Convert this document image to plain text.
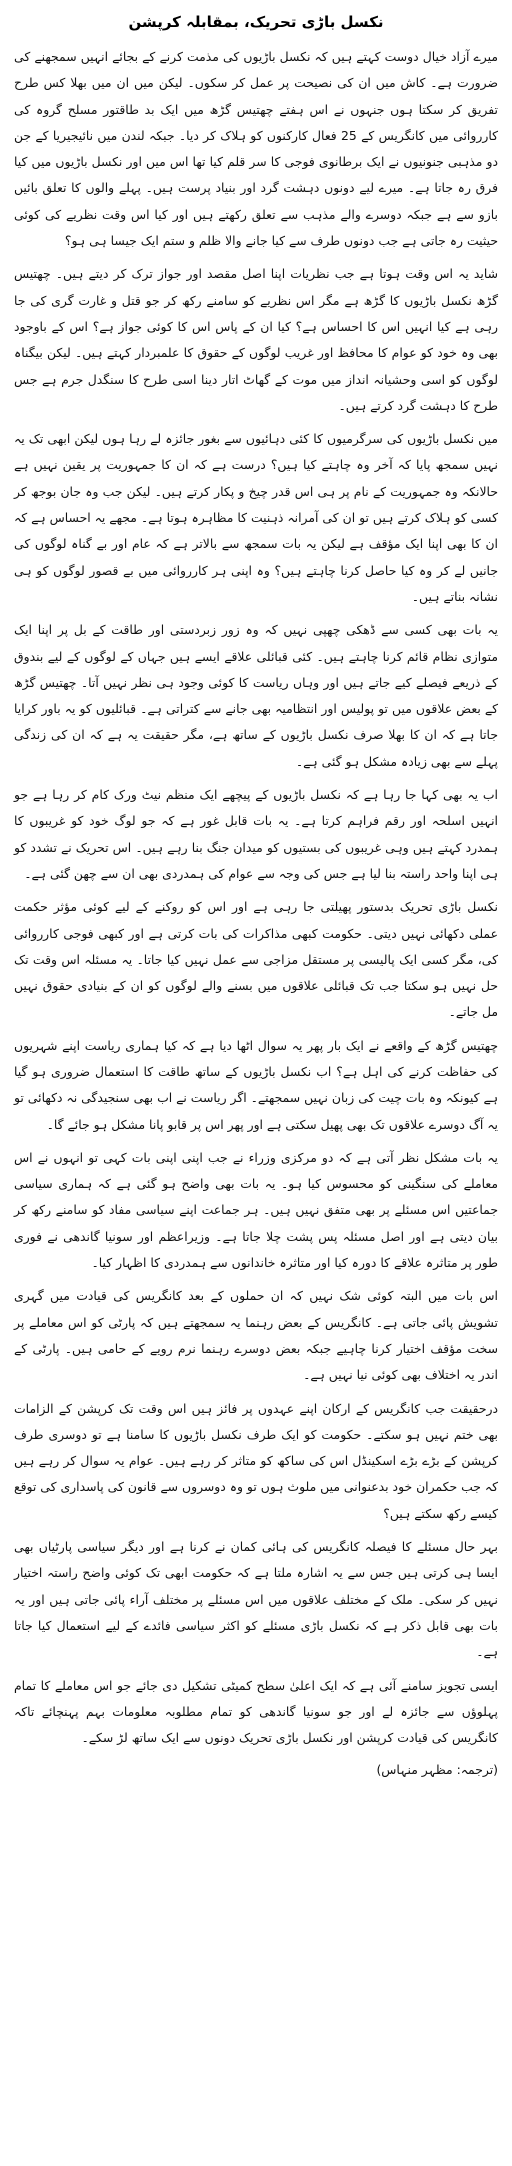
نکسل باڑی تحریک، بمقابلہ کرپشن

میرے آزاد خیال دوست کہتے ہیں کہ نکسل باڑیوں کی مذمت کرنے کے بجائے انہیں سمجھنے کی ضرورت ہے۔ کاش میں ان کی نصیحت پر عمل کر سکوں۔ لیکن میں ان میں بھلا کس طرح تفریق کر سکتا ہوں جنہوں نے اس ہفتے چھتیس گڑھ میں ایک بد طاقتور مسلح گروہ کی کارروائی میں کانگریس کے 25 فعال کارکنوں کو ہلاک کر دیا۔ جبکہ لندن میں نائیجیریا کے جن دو مذہبی جنونیوں نے ایک برطانوی فوجی کا سر قلم کیا تھا اس میں اور نکسل باڑیوں میں کیا فرق رہ جاتا ہے۔ میرے لیے دونوں دہشت گرد اور بنیاد پرست ہیں۔ پہلے والوں کا تعلق بائیں بازو سے ہے جبکہ دوسرے والے مذہب سے تعلق رکھتے ہیں اور کیا اس وقت نظریے کی کوئی حیثیت رہ جاتی ہے جب دونوں طرف سے کیا جانے والا ظلم و ستم ایک جیسا ہی ہو؟

شاید یہ اس وقت ہوتا ہے جب نظریات اپنا اصل مقصد اور جواز ترک کر دیتے ہیں۔ چھتیس گڑھ نکسل باڑیوں کا گڑھ ہے مگر اس نظریے کو سامنے رکھ کر جو قتل و غارت گری کی جا رہی ہے کیا انہیں اس کا احساس ہے؟ کیا ان کے پاس اس کا کوئی جواز ہے؟ اس کے باوجود بھی وہ خود کو عوام کا محافظ اور غریب لوگوں کے حقوق کا علمبردار کہتے ہیں۔ لیکن بیگناہ لوگوں کو اسی وحشیانہ انداز میں موت کے گھاٹ اتار دینا اسی طرح کا سنگدل جرم ہے جس طرح کا دہشت گرد کرتے ہیں۔

میں نکسل باڑیوں کی سرگرمیوں کا کئی دہائیوں سے بغور جائزہ لے رہا ہوں لیکن ابھی تک یہ نہیں سمجھ پایا کہ آخر وہ چاہتے کیا ہیں؟ درست ہے کہ ان کا جمہوریت پر یقین نہیں ہے حالانکہ وہ جمہوریت کے نام پر ہی اس قدر چیخ و پکار کرتے ہیں۔ لیکن جب وہ جان بوجھ کر کسی کو ہلاک کرتے ہیں تو ان کی آمرانہ ذہنیت کا مظاہرہ ہوتا ہے۔ مجھے یہ احساس ہے کہ ان کا بھی اپنا ایک مؤقف ہے لیکن یہ بات سمجھ سے بالاتر ہے کہ عام اور بے گناہ لوگوں کی جانیں لے کر وہ کیا حاصل کرنا چاہتے ہیں؟ وہ اپنی ہر کارروائی میں بے قصور لوگوں کو ہی نشانہ بناتے ہیں۔

یہ بات بھی کسی سے ڈھکی چھپی نہیں کہ وہ زور زبردستی اور طاقت کے بل پر اپنا ایک متوازی نظام قائم کرنا چاہتے ہیں۔ کئی قبائلی علاقے ایسے ہیں جہاں کے لوگوں کے لیے بندوق کے ذریعے فیصلے کیے جاتے ہیں اور وہاں ریاست کا کوئی وجود ہی نظر نہیں آتا۔ چھتیس گڑھ کے بعض علاقوں میں تو پولیس اور انتظامیہ بھی جانے سے کتراتی ہے۔ قبائلیوں کو یہ باور کرایا جاتا ہے کہ ان کا بھلا صرف نکسل باڑیوں کے ساتھ ہے، مگر حقیقت یہ ہے کہ ان کی زندگی پہلے سے بھی زیادہ مشکل ہو گئی ہے۔

اب یہ بھی کہا جا رہا ہے کہ نکسل باڑیوں کے پیچھے ایک منظم نیٹ ورک کام کر رہا ہے جو انہیں اسلحہ اور رقم فراہم کرتا ہے۔ یہ بات قابل غور ہے کہ جو لوگ خود کو غریبوں کا ہمدرد کہتے ہیں وہی غریبوں کی بستیوں کو میدان جنگ بنا رہے ہیں۔ اس تحریک نے تشدد کو ہی اپنا واحد راستہ بنا لیا ہے جس کی وجہ سے عوام کی ہمدردی بھی ان سے چھن گئی ہے۔

نکسل باڑی تحریک بدستور پھیلتی جا رہی ہے اور اس کو روکنے کے لیے کوئی مؤثر حکمت عملی دکھائی نہیں دیتی۔ حکومت کبھی مذاکرات کی بات کرتی ہے اور کبھی فوجی کارروائی کی، مگر کسی ایک پالیسی پر مستقل مزاجی سے عمل نہیں کیا جاتا۔ یہ مسئلہ اس وقت تک حل نہیں ہو سکتا جب تک قبائلی علاقوں میں بسنے والے لوگوں کو ان کے بنیادی حقوق نہیں مل جاتے۔

چھتیس گڑھ کے واقعے نے ایک بار پھر یہ سوال اٹھا دیا ہے کہ کیا ہماری ریاست اپنے شہریوں کی حفاظت کرنے کی اہل ہے؟ اب نکسل باڑیوں کے ساتھ طاقت کا استعمال ضروری ہو گیا ہے کیونکہ وہ بات چیت کی زبان نہیں سمجھتے۔ اگر ریاست نے اب بھی سنجیدگی نہ دکھائی تو یہ آگ دوسرے علاقوں تک بھی پھیل سکتی ہے اور پھر اس پر قابو پانا مشکل ہو جائے گا۔

یہ بات مشکل نظر آتی ہے کہ دو مرکزی وزراء نے جب اپنی اپنی بات کہی تو انہوں نے اس معاملے کی سنگینی کو محسوس کیا ہو۔ یہ بات بھی واضح ہو گئی ہے کہ ہماری سیاسی جماعتیں اس مسئلے پر بھی متفق نہیں ہیں۔ ہر جماعت اپنے سیاسی مفاد کو سامنے رکھ کر بیان دیتی ہے اور اصل مسئلہ پس پشت چلا جاتا ہے۔ وزیراعظم اور سونیا گاندھی نے فوری طور پر متاثرہ علاقے کا دورہ کیا اور متاثرہ خاندانوں سے ہمدردی کا اظہار کیا۔

اس بات میں البتہ کوئی شک نہیں کہ ان حملوں کے بعد کانگریس کی قیادت میں گہری تشویش پائی جاتی ہے۔ کانگریس کے بعض رہنما یہ سمجھتے ہیں کہ پارٹی کو اس معاملے پر سخت مؤقف اختیار کرنا چاہیے جبکہ بعض دوسرے رہنما نرم رویے کے حامی ہیں۔ پارٹی کے اندر یہ اختلاف بھی کوئی نیا نہیں ہے۔

درحقیقت جب کانگریس کے ارکان اپنے عہدوں پر فائز ہیں اس وقت تک کرپشن کے الزامات بھی ختم نہیں ہو سکتے۔ حکومت کو ایک طرف نکسل باڑیوں کا سامنا ہے تو دوسری طرف کرپشن کے بڑے بڑے اسکینڈل اس کی ساکھ کو متاثر کر رہے ہیں۔ عوام یہ سوال کر رہے ہیں کہ جب حکمران خود بدعنوانی میں ملوث ہوں تو وہ دوسروں سے قانون کی پاسداری کی توقع کیسے رکھ سکتے ہیں؟

بہر حال مسئلے کا فیصلہ کانگریس کی ہائی کمان نے کرنا ہے اور دیگر سیاسی پارٹیاں بھی ایسا ہی کرتی ہیں جس سے یہ اشارہ ملتا ہے کہ حکومت ابھی تک کوئی واضح راستہ اختیار نہیں کر سکی۔ ملک کے مختلف علاقوں میں اس مسئلے پر مختلف آراء پائی جاتی ہیں اور یہ بات بھی قابل ذکر ہے کہ نکسل باڑی مسئلے کو اکثر سیاسی فائدے کے لیے استعمال کیا جاتا ہے۔

ایسی تجویز سامنے آئی ہے کہ ایک اعلیٰ سطح کمیٹی تشکیل دی جائے جو اس معاملے کا تمام پہلوؤں سے جائزہ لے اور جو سونیا گاندھی کو تمام مطلوبہ معلومات بہم پہنچائے تاکہ کانگریس کی قیادت کرپشن اور نکسل باڑی تحریک دونوں سے ایک ساتھ لڑ سکے۔

(ترجمہ: مظہر منہاس)
